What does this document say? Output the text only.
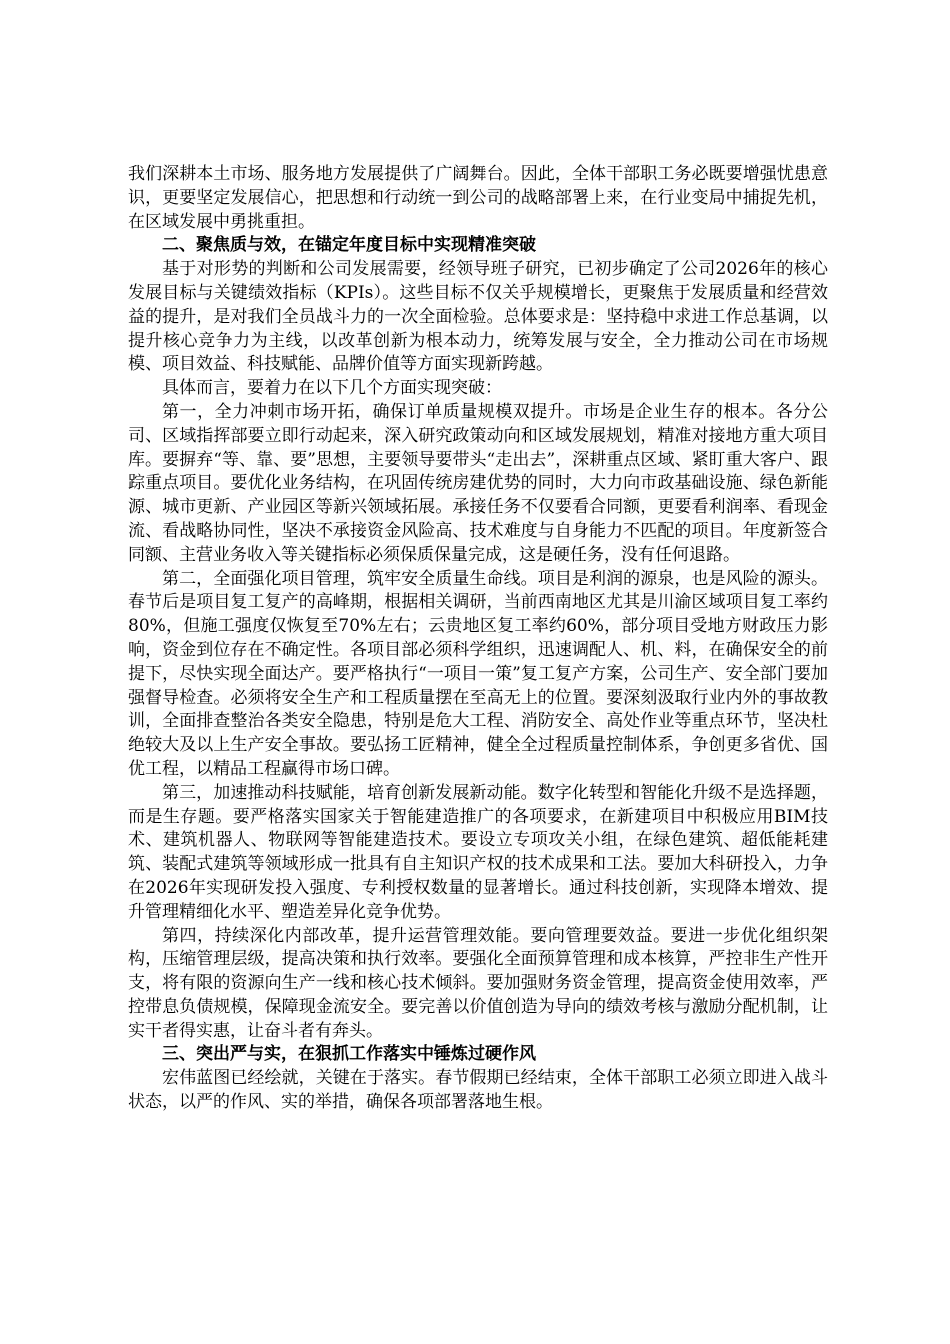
我们深耕本土市场、服务地方发展提供了广阔舞台。因此，全体干部职工务必既要增强忧患意识，更要坚定发展信心，把思想和行动统一到公司的战略部署上来，在行业变局中捕捉先机，在区域发展中勇挑重担。

二、聚焦质与效，在锚定年度目标中实现精准突破

基于对形势的判断和公司发展需要，经领导班子研究，已初步确定了公司2026年的核心发展目标与关键绩效指标（KPIs）。这些目标不仅关乎规模增长，更聚焦于发展质量和经营效益的提升，是对我们全员战斗力的一次全面检验。总体要求是：坚持稳中求进工作总基调，以提升核心竞争力为主线，以改革创新为根本动力，统筹发展与安全，全力推动公司在市场规模、项目效益、科技赋能、品牌价值等方面实现新跨越。

具体而言，要着力在以下几个方面实现突破：

第一，全力冲刺市场开拓，确保订单质量规模双提升。市场是企业生存的根本。各分公司、区域指挥部要立即行动起来，深入研究政策动向和区域发展规划，精准对接地方重大项目库。要摒弃“等、靠、要”思想，主要领导要带头“走出去”，深耕重点区域、紧盯重大客户、跟踪重点项目。要优化业务结构，在巩固传统房建优势的同时，大力向市政基础设施、绿色新能源、城市更新、产业园区等新兴领域拓展。承接任务不仅要看合同额，更要看利润率、看现金流、看战略协同性，坚决不承接资金风险高、技术难度与自身能力不匹配的项目。年度新签合同额、主营业务收入等关键指标必须保质保量完成，这是硬任务，没有任何退路。

第二，全面强化项目管理，筑牢安全质量生命线。项目是利润的源泉，也是风险的源头。春节后是项目复工复产的高峰期，根据相关调研，当前西南地区尤其是川渝区域项目复工率约80%，但施工强度仅恢复至70%左右；云贵地区复工率约60%，部分项目受地方财政压力影响，资金到位存在不确定性。各项目部必须科学组织，迅速调配人、机、料，在确保安全的前提下，尽快实现全面达产。要严格执行“一项目一策”复工复产方案，公司生产、安全部门要加强督导检查。必须将安全生产和工程质量摆在至高无上的位置。要深刻汲取行业内外的事故教训，全面排查整治各类安全隐患，特别是危大工程、消防安全、高处作业等重点环节，坚决杜绝较大及以上生产安全事故。要弘扬工匠精神，健全全过程质量控制体系，争创更多省优、国优工程，以精品工程赢得市场口碑。

第三，加速推动科技赋能，培育创新发展新动能。数字化转型和智能化升级不是选择题，而是生存题。要严格落实国家关于智能建造推广的各项要求，在新建项目中积极应用BIM技术、建筑机器人、物联网等智能建造技术。要设立专项攻关小组，在绿色建筑、超低能耗建筑、装配式建筑等领域形成一批具有自主知识产权的技术成果和工法。要加大科研投入，力争在2026年实现研发投入强度、专利授权数量的显著增长。通过科技创新，实现降本增效、提升管理精细化水平、塑造差异化竞争优势。

第四，持续深化内部改革，提升运营管理效能。要向管理要效益。要进一步优化组织架构，压缩管理层级，提高决策和执行效率。要强化全面预算管理和成本核算，严控非生产性开支，将有限的资源向生产一线和核心技术倾斜。要加强财务资金管理，提高资金使用效率，严控带息负债规模，保障现金流安全。要完善以价值创造为导向的绩效考核与激励分配机制，让实干者得实惠，让奋斗者有奔头。

三、突出严与实，在狠抓工作落实中锤炼过硬作风

宏伟蓝图已经绘就，关键在于落实。春节假期已经结束，全体干部职工必须立即进入战斗状态，以严的作风、实的举措，确保各项部署落地生根。
